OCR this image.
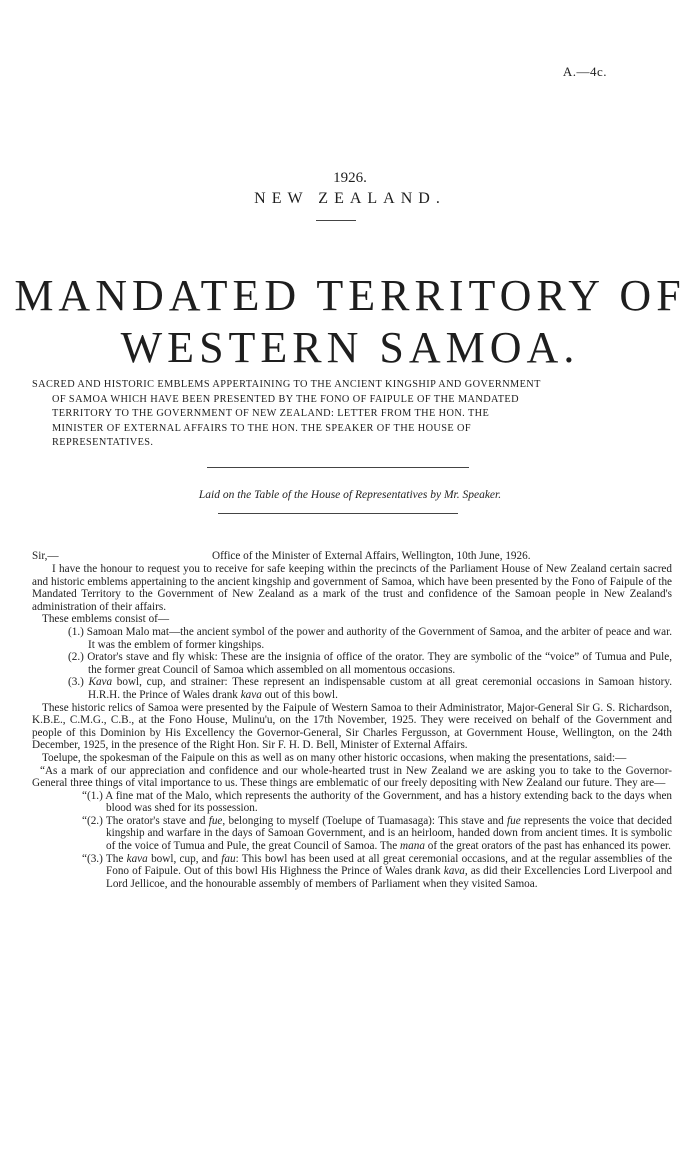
A.—4c.
1926.
NEW ZEALAND.
MANDATED TERRITORY OF
WESTERN SAMOA.
SACRED AND HISTORIC EMBLEMS APPERTAINING TO THE ANCIENT KINGSHIP AND GOVERNMENT
OF SAMOA WHICH HAVE BEEN PRESENTED BY THE FONO OF FAIPULE OF THE MANDATED
TERRITORY TO THE GOVERNMENT OF NEW ZEALAND: LETTER FROM THE HON. THE
MINISTER OF EXTERNAL AFFAIRS TO THE HON. THE SPEAKER OF THE HOUSE OF
REPRESENTATIVES.
Laid on the Table of the House of Representatives by Mr. Speaker.
Sir,—	Office of the Minister of External Affairs, Wellington, 10th June, 1926.

I have the honour to request you to receive for safe keeping within the precincts of the Parliament House of New Zealand certain sacred and historic emblems appertaining to the ancient kingship and government of Samoa, which have been presented by the Fono of Faipule of the Mandated Territory to the Government of New Zealand as a mark of the trust and confidence of the Samoan people in New Zealand's administration of their affairs.

These emblems consist of—

(1.) Samoan Malo mat—the ancient symbol of the power and authority of the Government of Samoa, and the arbiter of peace and war. It was the emblem of former kingships.

(2.) Orator's stave and fly whisk: These are the insignia of office of the orator. They are symbolic of the “voice” of Tumua and Pule, the former great Council of Samoa which assembled on all momentous occasions.

(3.) Kava bowl, cup, and strainer: These represent an indispensable custom at all great ceremonial occasions in Samoan history. H.R.H. the Prince of Wales drank kava out of this bowl.

These historic relics of Samoa were presented by the Faipule of Western Samoa to their Administrator, Major-General Sir G. S. Richardson, K.B.E., C.M.G., C.B., at the Fono House, Mulinu'u, on the 17th November, 1925. They were received on behalf of the Government and people of this Dominion by His Excellency the Governor-General, Sir Charles Fergusson, at Government House, Wellington, on the 24th December, 1925, in the presence of the Right Hon. Sir F. H. D. Bell, Minister of External Affairs.

Toelupe, the spokesman of the Faipule on this as well as on many other historic occasions, when making the presentations, said:—

“As a mark of our appreciation and confidence and our whole-hearted trust in New Zealand we are asking you to take to the Governor-General three things of vital importance to us. These things are emblematic of our freely depositing with New Zealand our future. They are—

“(1.) A fine mat of the Malo, which represents the authority of the Government, and has a history extending back to the days when blood was shed for its possession.

“(2.) The orator's stave and fue, belonging to myself (Toelupe of Tuamasaga): This stave and fue represents the voice that decided kingship and warfare in the days of Samoan Government, and is an heirloom, handed down from ancient times. It is symbolic of the voice of Tumua and Pule, the great Council of Samoa. The mana of the great orators of the past has enhanced its power.

“(3.) The kava bowl, cup, and fau: This bowl has been used at all great ceremonial occasions, and at the regular assemblies of the Fono of Faipule. Out of this bowl His Highness the Prince of Wales drank kava, as did their Excellencies Lord Liverpool and Lord Jellicoe, and the honourable assembly of members of Parliament when they visited Samoa.
